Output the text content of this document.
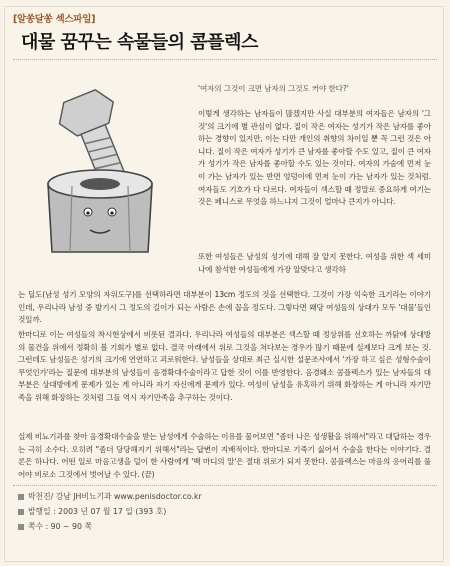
[알쏭달쏭 섹스파일]
대물 꿈꾸는 속물들의 콤플렉스
'여자의 그것이 크면 남자의 그것도 커야 한다?'
이렇게 생각하는 남자들이 많겠지만 사실 대부분의 여자들은 남자의 '그것'의 크기에 별 관심이 없다. 질이 작은 여자는 성기가 작은 남자를 좋아하는 경향이 있지만, 이는 다만 개인의 취향의 차이일 뿐 꼭 그런 것은 아니다. 질이 작은 여자가 성기가 큰 남자를 좋아할 수도 있고, 질이 큰 여자가 성기가 작은 남자를 좋아할 수도 있는 것이다. 여자의 가슴에 먼저 눈이 가는 남자가 있는 반면 엉덩이에 먼저 눈이 가는 남자가 있는 것처럼. 여자들도 기호가 다 다르다. 여자들이 섹스할 때 정말로 중요하게 여기는 것은 페니스로 무엇을 하느냐지 그것이 얼마나 큰지가 아니다.
또한 여성들은 남성의 성기에 대해 잘 알지 못한다. 여성을 위한 섹 세미나에 참석한 여성들에게 가장 알맞다고 생각하
는 딜도(남성 성기 모양의 자위도구)를 선택하라면 대부분이 13cm 정도의 것을 선택한다. 그것이 가장 익숙한 크기라는 이야기인데, 우리나라 남성 중 발기시 그 정도의 길이가 되는 사람은 손에 꼽을 정도다. 그렇다면 왜당 여성들의 상대가 모두 '대물'들인 것일까.
한마디로 이는 여성들의 착시현상에서 비롯된 결과다. 우리나라 여성들의 대부분은 섹스할 때 정상위를 선호하는 까닭에 상대방의 물건을 위에서 정확히 볼 기회가 별로 없다. 결국 아래에서 위로 그것을 쳐다보는 경우가 많기 때문에 실제보다 크게 보는 것. 그런데도 남성들은 성기의 크기에 연연하고 괴로워한다. 남성들을 상대로 최근 실시한 설문조사에서 '가장 하고 싶은 성형수술이 무엇인가'라는 질문에 대부분의 남성들이 음경확대수술이라고 답한 것이 이를 반영한다. 음경왜소 콤플렉스가 있는 남자들의 대부분은 상대방에게 문제가 있는 게 아니라 자기 자신에게 문제가 있다. 여성이 남성을 유혹하기 위해 화장하는 게 아니라 자기만족을 위해 화장하는 것처럼 그들 역시 자기만족을 추구하는 것이다.
실제 비뇨기과를 찾아 음경확대수술을 받는 남성에게 수술하는 이유를 물어보면 "좀더 나은 성생활을 위해서"라고 대답하는 경우는 극히 소수다. 오히려 "좀더 당당해지기 위해서"라는 답변이 지배적이다. 한마디로 기죽기 싫어서 수술을 한다는 이야기다. 결론은 하나다. 어떤 일로 마음고생을 덜이 한 사람에게 '백 마디의 말'은 절대 위로가 되지 못한다. 콤플렉스는 마음의 응어리를 풀어야 비로소 그것에서 벗어날 수 있다. (끝)
박천진/ 강남 JH비뇨기과 www.penisdoctor.co.kr
발행일 : 2003 년 07 월 17 일 (393 호)
쪽수 : 90 ~ 90 쪽
